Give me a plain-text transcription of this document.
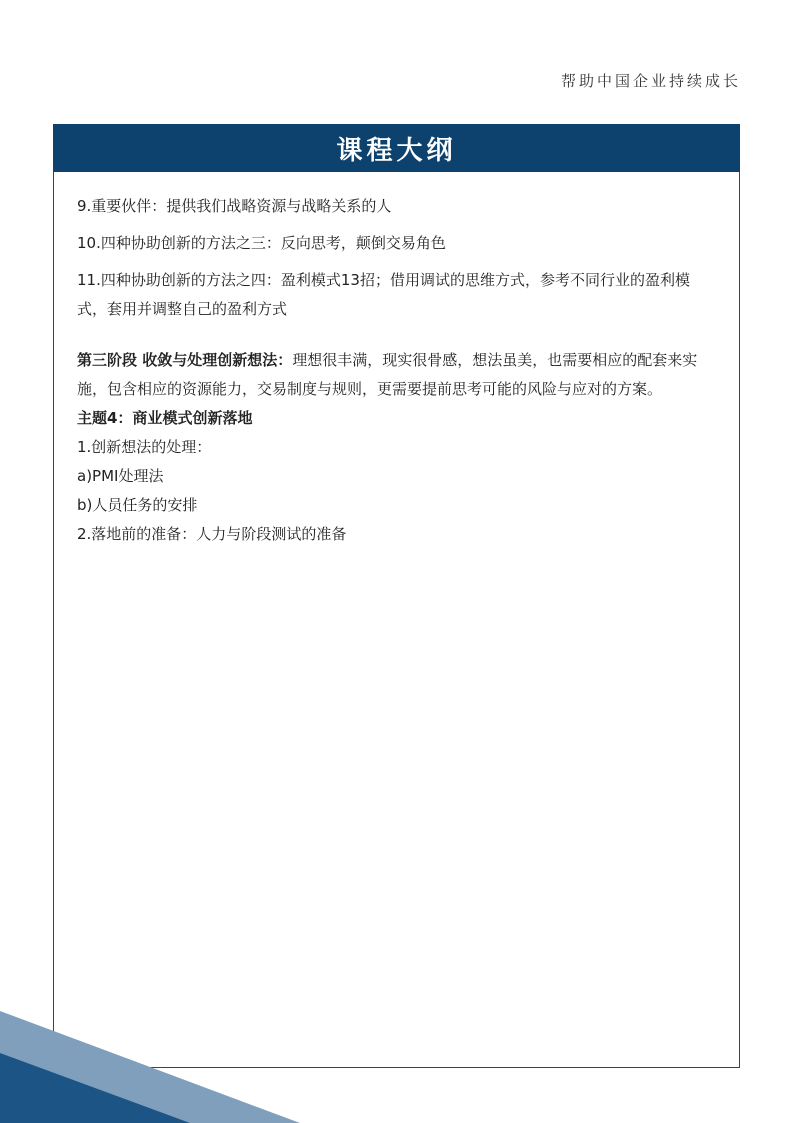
帮助中国企业持续成长
课程大纲

9.重要伙伴：提供我们战略资源与战略关系的人

10.四种协助创新的方法之三：反向思考，颠倒交易角色

11.四种协助创新的方法之四：盈利模式13招；借用调试的思维方式，参考不同行业的盈利模式，套用并调整自己的盈利方式

第三阶段 收敛与处理创新想法：理想很丰满，现实很骨感，想法虽美，也需要相应的配套来实施，包含相应的资源能力，交易制度与规则，更需要提前思考可能的风险与应对的方案。

主题4：商业模式创新落地

1.创新想法的处理：

a)PMI处理法

b)人员任务的安排

2.落地前的准备：人力与阶段测试的准备
